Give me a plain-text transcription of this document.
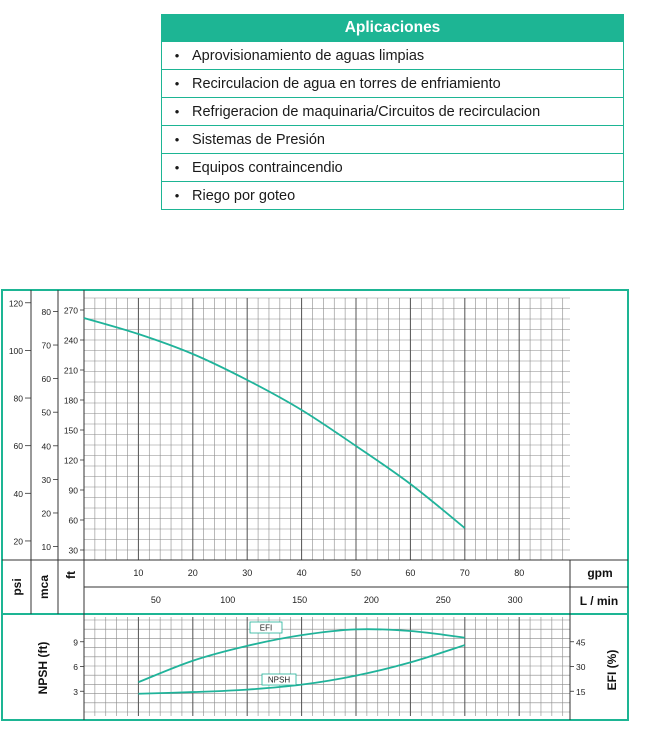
Aplicaciones
• Aprovisionamiento de aguas limpias
• Recirculacion de agua en torres de enfriamiento
• Refrigeracion de maquinaria/Circuitos de recirculacion
• Sistemas de Presión
• Equipos contraincendio
• Riego por goteo
20
40
60
80
100
120
10
20
30
40
50
60
70
80
30
60
90
120
150
180
210
240
270
psi mca ft	10	20	30	40	50	60	70	80	gpm
50	100	150	200	250	300	L / min
3
6
9
15
30
45
NPSH (ft)	EFI (%)
EFI
NPSH
